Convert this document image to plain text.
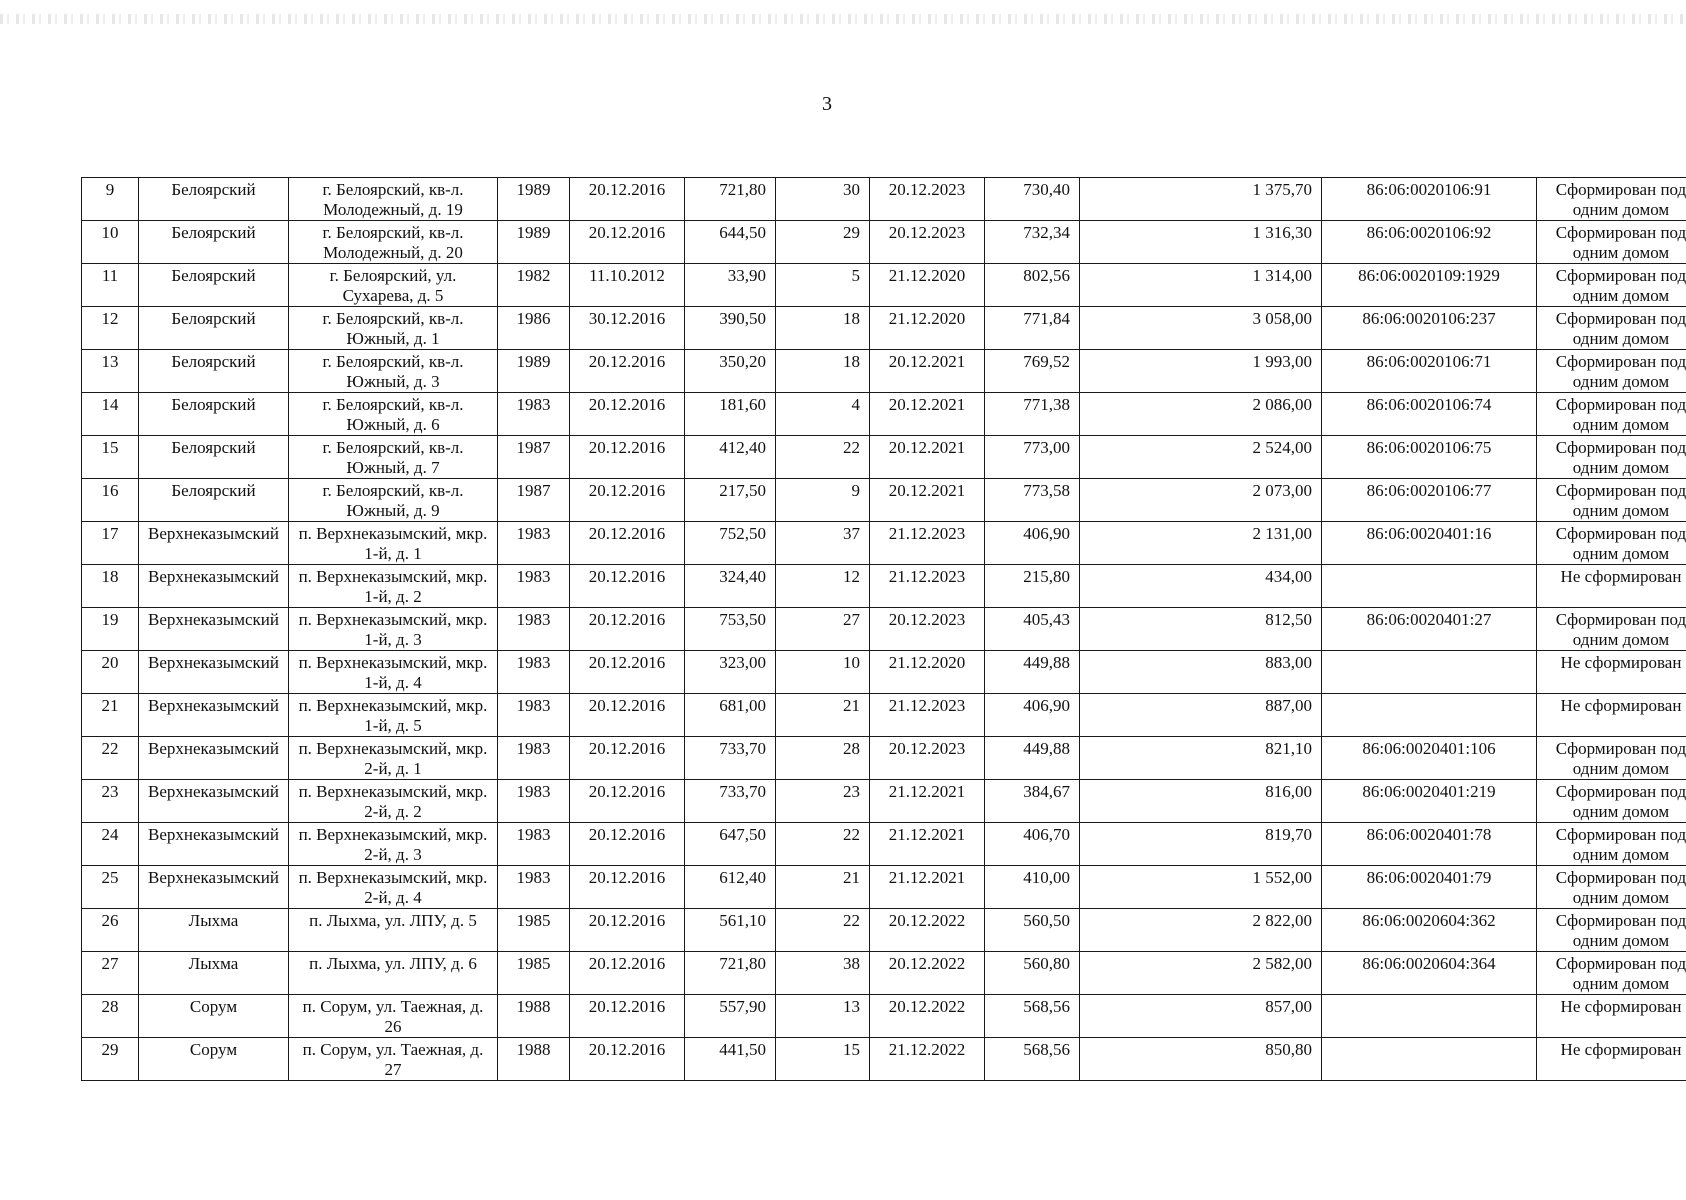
3
9	Белоярский	г. Белоярский, кв-л. Молодежный, д. 19	1989	20.12.2016	721,80	30	20.12.2023	730,40	1 375,70	86:06:0020106:91	Сформирован под одним домом
10	Белоярский	г. Белоярский, кв-л. Молодежный, д. 20	1989	20.12.2016	644,50	29	20.12.2023	732,34	1 316,30	86:06:0020106:92	Сформирован под одним домом
11	Белоярский	г. Белоярский, ул. Сухарева, д. 5	1982	11.10.2012	33,90	5	21.12.2020	802,56	1 314,00	86:06:0020109:1929	Сформирован под одним домом
12	Белоярский	г. Белоярский, кв-л. Южный, д. 1	1986	30.12.2016	390,50	18	21.12.2020	771,84	3 058,00	86:06:0020106:237	Сформирован под одним домом
13	Белоярский	г. Белоярский, кв-л. Южный, д. 3	1989	20.12.2016	350,20	18	20.12.2021	769,52	1 993,00	86:06:0020106:71	Сформирован под одним домом
14	Белоярский	г. Белоярский, кв-л. Южный, д. 6	1983	20.12.2016	181,60	4	20.12.2021	771,38	2 086,00	86:06:0020106:74	Сформирован под одним домом
15	Белоярский	г. Белоярский, кв-л. Южный, д. 7	1987	20.12.2016	412,40	22	20.12.2021	773,00	2 524,00	86:06:0020106:75	Сформирован под одним домом
16	Белоярский	г. Белоярский, кв-л. Южный, д. 9	1987	20.12.2016	217,50	9	20.12.2021	773,58	2 073,00	86:06:0020106:77	Сформирован под одним домом
17	Верхнеказымский	п. Верхнеказымский, мкр. 1-й, д. 1	1983	20.12.2016	752,50	37	21.12.2023	406,90	2 131,00	86:06:0020401:16	Сформирован под одним домом
18	Верхнеказымский	п. Верхнеказымский, мкр. 1-й, д. 2	1983	20.12.2016	324,40	12	21.12.2023	215,80	434,00		Не сформирован
19	Верхнеказымский	п. Верхнеказымский, мкр. 1-й, д. 3	1983	20.12.2016	753,50	27	20.12.2023	405,43	812,50	86:06:0020401:27	Сформирован под одним домом
20	Верхнеказымский	п. Верхнеказымский, мкр. 1-й, д. 4	1983	20.12.2016	323,00	10	21.12.2020	449,88	883,00		Не сформирован
21	Верхнеказымский	п. Верхнеказымский, мкр. 1-й, д. 5	1983	20.12.2016	681,00	21	21.12.2023	406,90	887,00		Не сформирован
22	Верхнеказымский	п. Верхнеказымский, мкр. 2-й, д. 1	1983	20.12.2016	733,70	28	20.12.2023	449,88	821,10	86:06:0020401:106	Сформирован под одним домом
23	Верхнеказымский	п. Верхнеказымский, мкр. 2-й, д. 2	1983	20.12.2016	733,70	23	21.12.2021	384,67	816,00	86:06:0020401:219	Сформирован под одним домом
24	Верхнеказымский	п. Верхнеказымский, мкр. 2-й, д. 3	1983	20.12.2016	647,50	22	21.12.2021	406,70	819,70	86:06:0020401:78	Сформирован под одним домом
25	Верхнеказымский	п. Верхнеказымский, мкр. 2-й, д. 4	1983	20.12.2016	612,40	21	21.12.2021	410,00	1 552,00	86:06:0020401:79	Сформирован под одним домом
26	Лыхма	п. Лыхма, ул. ЛПУ, д. 5	1985	20.12.2016	561,10	22	20.12.2022	560,50	2 822,00	86:06:0020604:362	Сформирован под одним домом
27	Лыхма	п. Лыхма, ул. ЛПУ, д. 6	1985	20.12.2016	721,80	38	20.12.2022	560,80	2 582,00	86:06:0020604:364	Сформирован под одним домом
28	Сорум	п. Сорум, ул. Таежная, д. 26	1988	20.12.2016	557,90	13	20.12.2022	568,56	857,00		Не сформирован
29	Сорум	п. Сорум, ул. Таежная, д. 27	1988	20.12.2016	441,50	15	21.12.2022	568,56	850,80		Не сформирован
